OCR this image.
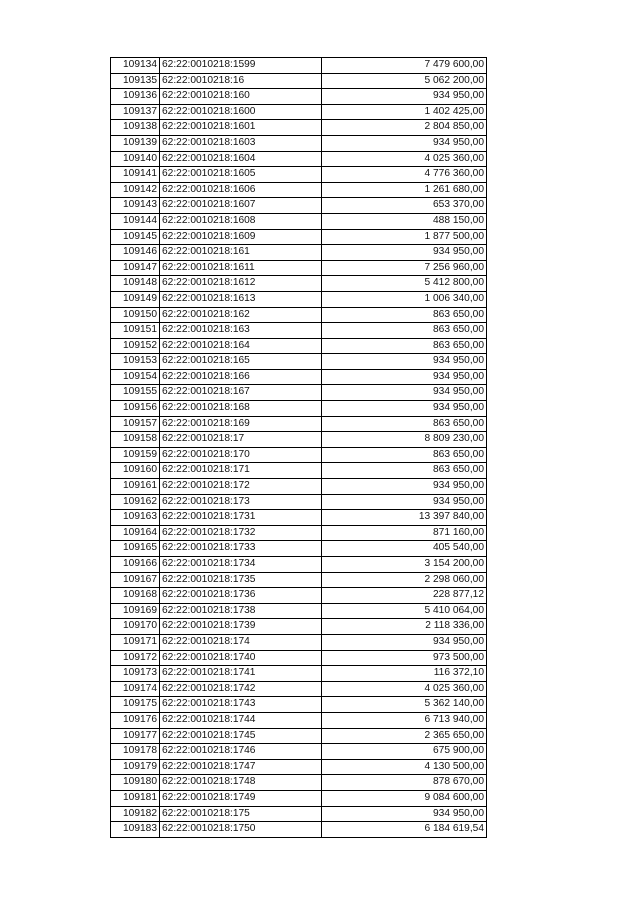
109134	62:22:0010218:1599	7 479 600,00
109135	62:22:0010218:16	5 062 200,00
109136	62:22:0010218:160	934 950,00
109137	62:22:0010218:1600	1 402 425,00
109138	62:22:0010218:1601	2 804 850,00
109139	62:22:0010218:1603	934 950,00
109140	62:22:0010218:1604	4 025 360,00
109141	62:22:0010218:1605	4 776 360,00
109142	62:22:0010218:1606	1 261 680,00
109143	62:22:0010218:1607	653 370,00
109144	62:22:0010218:1608	488 150,00
109145	62:22:0010218:1609	1 877 500,00
109146	62:22:0010218:161	934 950,00
109147	62:22:0010218:1611	7 256 960,00
109148	62:22:0010218:1612	5 412 800,00
109149	62:22:0010218:1613	1 006 340,00
109150	62:22:0010218:162	863 650,00
109151	62:22:0010218:163	863 650,00
109152	62:22:0010218:164	863 650,00
109153	62:22:0010218:165	934 950,00
109154	62:22:0010218:166	934 950,00
109155	62:22:0010218:167	934 950,00
109156	62:22:0010218:168	934 950,00
109157	62:22:0010218:169	863 650,00
109158	62:22:0010218:17	8 809 230,00
109159	62:22:0010218:170	863 650,00
109160	62:22:0010218:171	863 650,00
109161	62:22:0010218:172	934 950,00
109162	62:22:0010218:173	934 950,00
109163	62:22:0010218:1731	13 397 840,00
109164	62:22:0010218:1732	871 160,00
109165	62:22:0010218:1733	405 540,00
109166	62:22:0010218:1734	3 154 200,00
109167	62:22:0010218:1735	2 298 060,00
109168	62:22:0010218:1736	228 877,12
109169	62:22:0010218:1738	5 410 064,00
109170	62:22:0010218:1739	2 118 336,00
109171	62:22:0010218:174	934 950,00
109172	62:22:0010218:1740	973 500,00
109173	62:22:0010218:1741	116 372,10
109174	62:22:0010218:1742	4 025 360,00
109175	62:22:0010218:1743	5 362 140,00
109176	62:22:0010218:1744	6 713 940,00
109177	62:22:0010218:1745	2 365 650,00
109178	62:22:0010218:1746	675 900,00
109179	62:22:0010218:1747	4 130 500,00
109180	62:22:0010218:1748	878 670,00
109181	62:22:0010218:1749	9 084 600,00
109182	62:22:0010218:175	934 950,00
109183	62:22:0010218:1750	6 184 619,54
